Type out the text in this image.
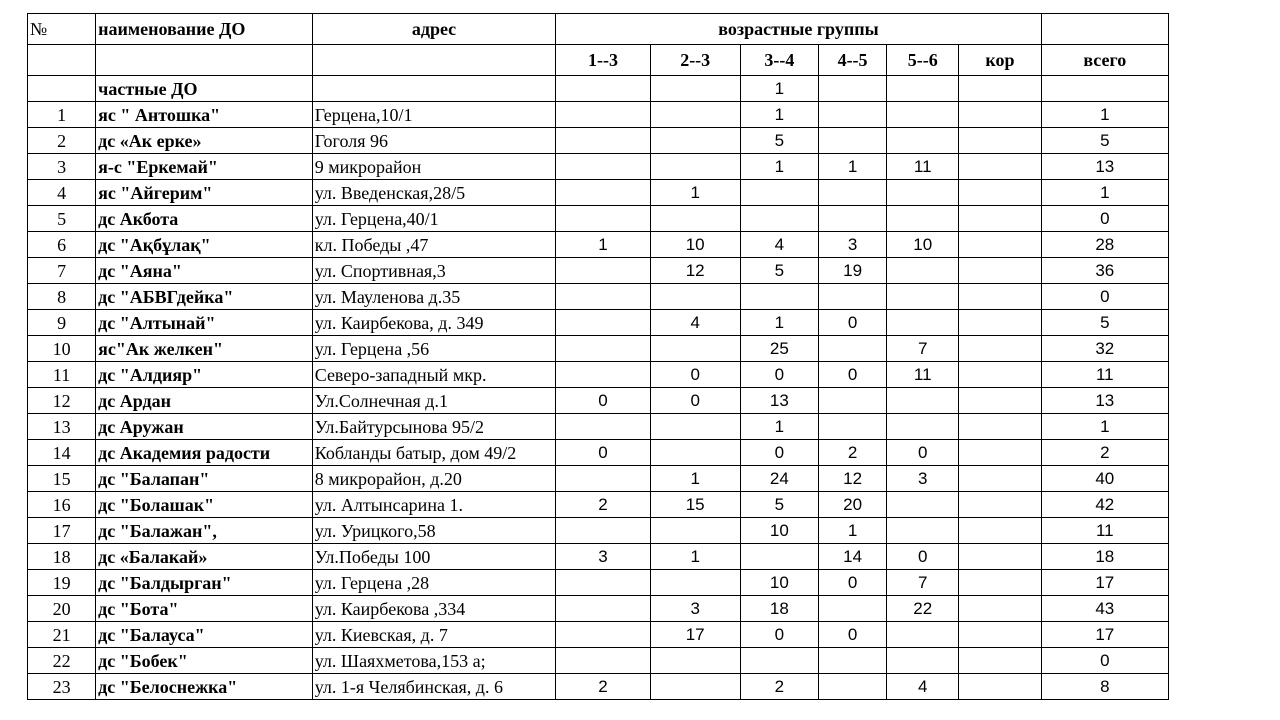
№	наименование ДО	адрес	возрастные группы						
			1--3	2--3	3--4	4--5	5--6	кор	всего
	частные ДО				1				
1	яс " Антошка"	Герцена,10/1			1				1
2	дс «Ак ерке»	Гоголя 96			5				5
3	я-с "Еркемай"	9 микрорайон			1	1	11		13
4	яс "Айгерим"	ул. Введенская,28/5		1					1
5	дс Акбота	ул. Герцена,40/1							0
6	дс "Ақбұлақ"	кл. Победы ,47	1	10	4	3	10		28
7	дс "Аяна"	ул. Спортивная,3		12	5	19			36
8	дс "АБВГдейка"	ул. Мауленова д.35							0
9	дс "Алтынай"	ул. Каирбекова, д. 349		4	1	0			5
10	яс"Ак желкен"	ул. Герцена ,56			25		7		32
11	дс "Алдияр"	Северо-западный мкр.		0	0	0	11		11
12	дс Ардан	Ул.Солнечная д.1	0	0	13				13
13	дс Аружан	Ул.Байтурсынова 95/2			1				1
14	дс Академия радости	Кобланды батыр, дом 49/2	0		0	2	0		2
15	дс "Балапан"	8 микрорайон, д.20		1	24	12	3		40
16	дс "Болашак"	ул. Алтынсарина 1.	2	15	5	20			42
17	дс "Балажан",	ул. Урицкого,58			10	1			11
18	дс «Балакай»	Ул.Победы 100	3	1		14	0		18
19	дс "Балдырган"	ул. Герцена ,28			10	0	7		17
20	дс "Бота"	ул. Каирбекова ,334		3	18		22		43
21	дс "Балауса"	ул. Киевская, д. 7		17	0	0			17
22	дс "Бобек"	ул. Шаяхметова,153 а;							0
23	дс "Белоснежка"	ул. 1-я Челябинская, д. 6	2		2		4		8
